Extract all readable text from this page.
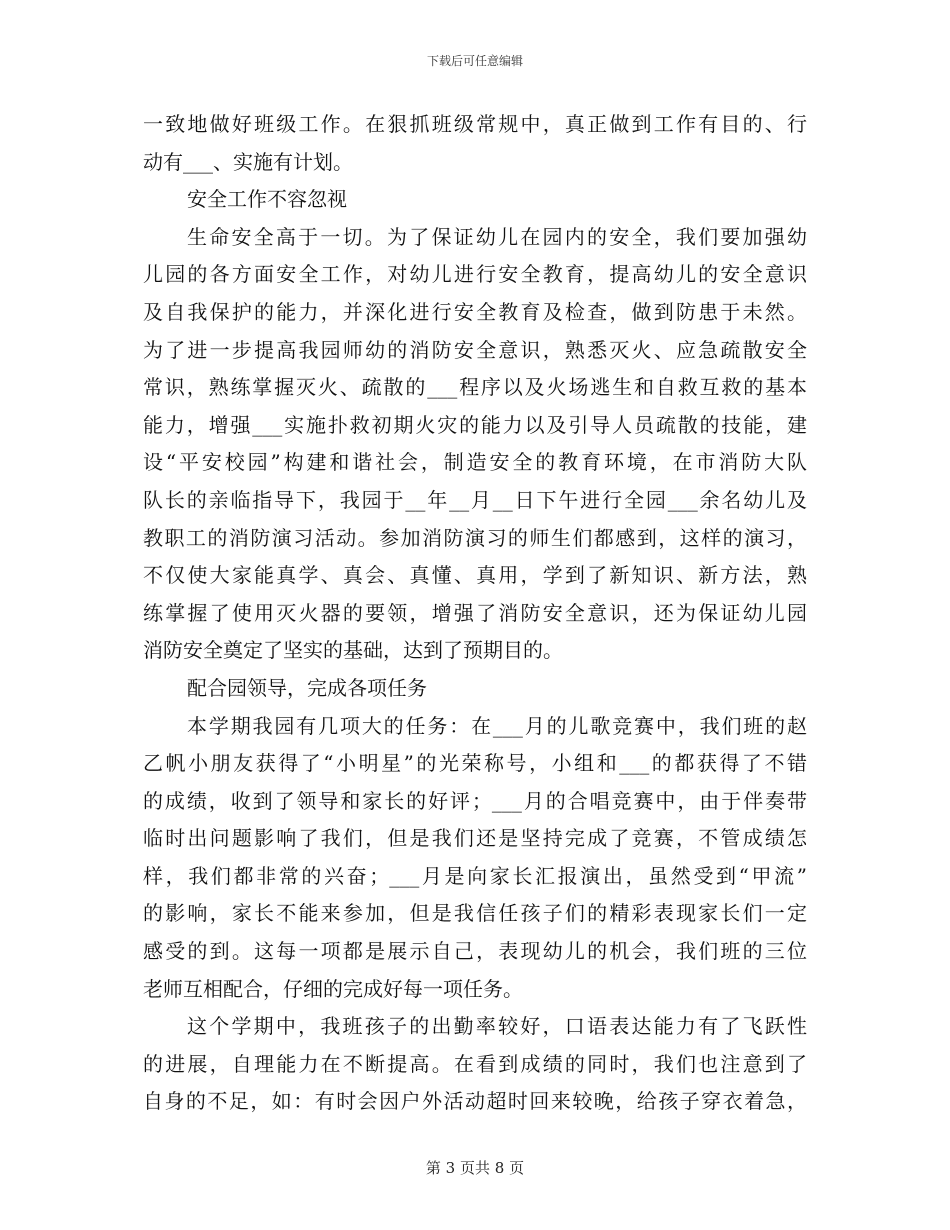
下载后可任意编辑
一致地做好班级工作。在狠抓班级常规中，真正做到工作有目的、行
动有___、实施有计划。
安全工作不容忽视
生命安全高于一切。为了保证幼儿在园内的安全，我们要加强幼
儿园的各方面安全工作，对幼儿进行安全教育，提高幼儿的安全意识
及自我保护的能力，并深化进行安全教育及检查，做到防患于未然。
为了进一步提高我园师幼的消防安全意识，熟悉灭火、应急疏散安全
常识，熟练掌握灭火、疏散的___程序以及火场逃生和自救互救的基本
能力，增强___实施扑救初期火灾的能力以及引导人员疏散的技能，建
设“平安校园”构建和谐社会，制造安全的教育环境，在市消防大队
队长的亲临指导下，我园于__年__月__日下午进行全园___余名幼儿及
教职工的消防演习活动。参加消防演习的师生们都感到，这样的演习，
不仅使大家能真学、真会、真懂、真用，学到了新知识、新方法，熟
练掌握了使用灭火器的要领，增强了消防安全意识，还为保证幼儿园
消防安全奠定了坚实的基础，达到了预期目的。
配合园领导，完成各项任务
本学期我园有几项大的任务：在___月的儿歌竞赛中，我们班的赵
乙帆小朋友获得了“小明星”的光荣称号，小组和___的都获得了不错
的成绩，收到了领导和家长的好评；___月的合唱竞赛中，由于伴奏带
临时出问题影响了我们，但是我们还是坚持完成了竞赛，不管成绩怎
样，我们都非常的兴奋；___月是向家长汇报演出，虽然受到“甲流”
的影响，家长不能来参加，但是我信任孩子们的精彩表现家长们一定
感受的到。这每一项都是展示自己，表现幼儿的机会，我们班的三位
老师互相配合，仔细的完成好每一项任务。
这个学期中，我班孩子的出勤率较好，口语表达能力有了飞跃性
的进展，自理能力在不断提高。在看到成绩的同时，我们也注意到了
自身的不足，如：有时会因户外活动超时回来较晚，给孩子穿衣着急，
第 3 页共 8 页
